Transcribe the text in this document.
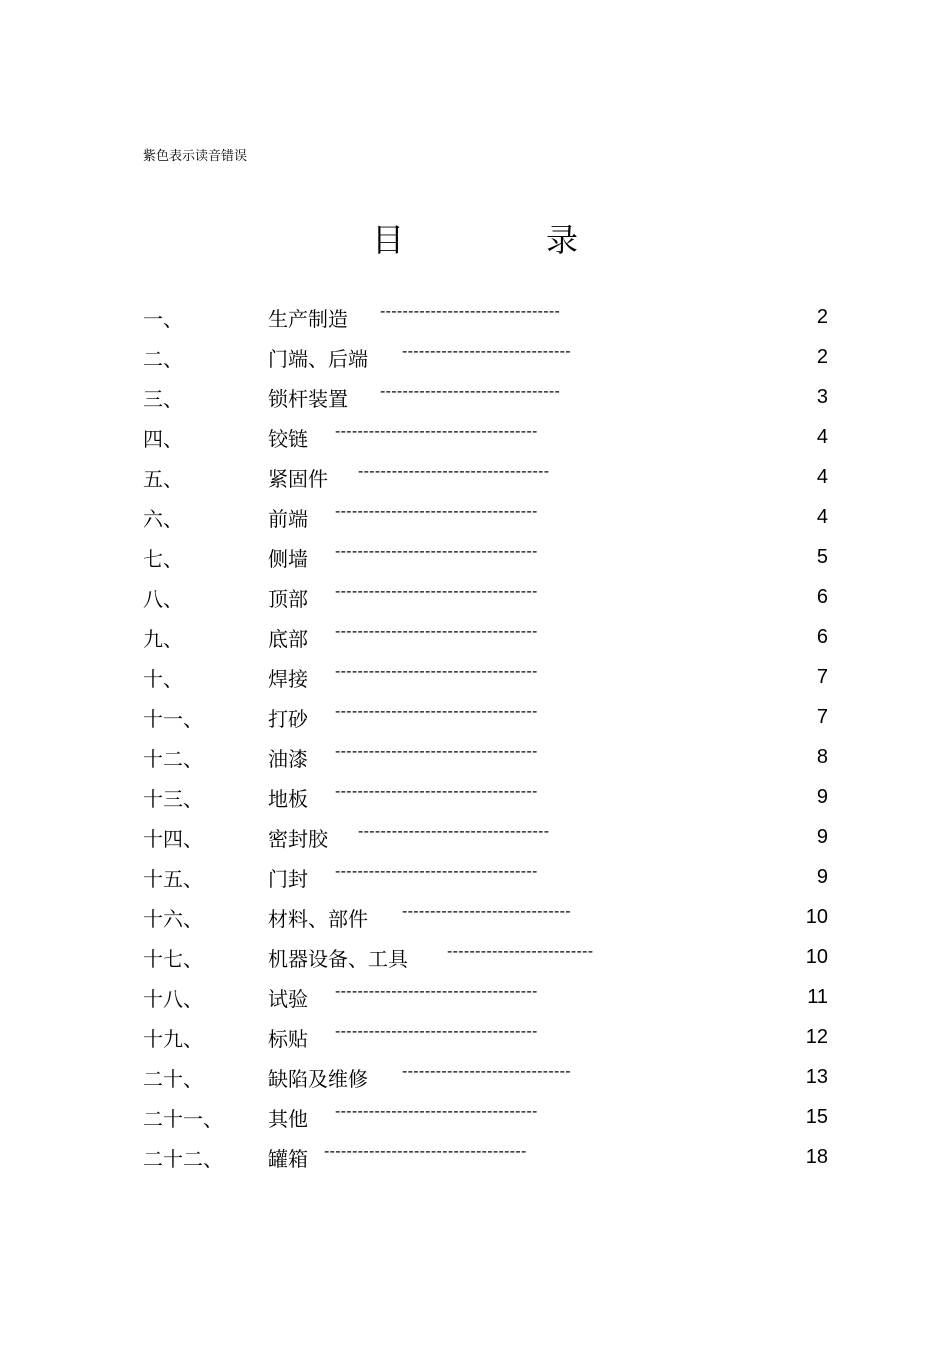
紫色表示读音错误
目	录
一、	生产制造 --------------------------------	2
二、	门端、后端 ------------------------------	2
三、	锁杆装置 --------------------------------	3
四、	铰链 ------------------------------------	4
五、	紧固件 ----------------------------------	4
六、	前端 ------------------------------------	4
七、	侧墙 ------------------------------------	5
八、	顶部 ------------------------------------	6
九、	底部 ------------------------------------	6
十、	焊接 ------------------------------------	7
十一、	打砂 ------------------------------------	7
十二、	油漆 ------------------------------------	8
十三、	地板 ------------------------------------	9
十四、	密封胶 ----------------------------------	9
十五、	门封 ------------------------------------	9
十六、	材料、部件 ------------------------------	10
十七、	机器设备、工具 --------------------------	10
十八、	试验 ------------------------------------	11
十九、	标贴 ------------------------------------	12
二十、	缺陷及维修 ------------------------------	13
二十一、 其他 ------------------------------------	15
二十二、 罐箱 ------------------------------------	18
